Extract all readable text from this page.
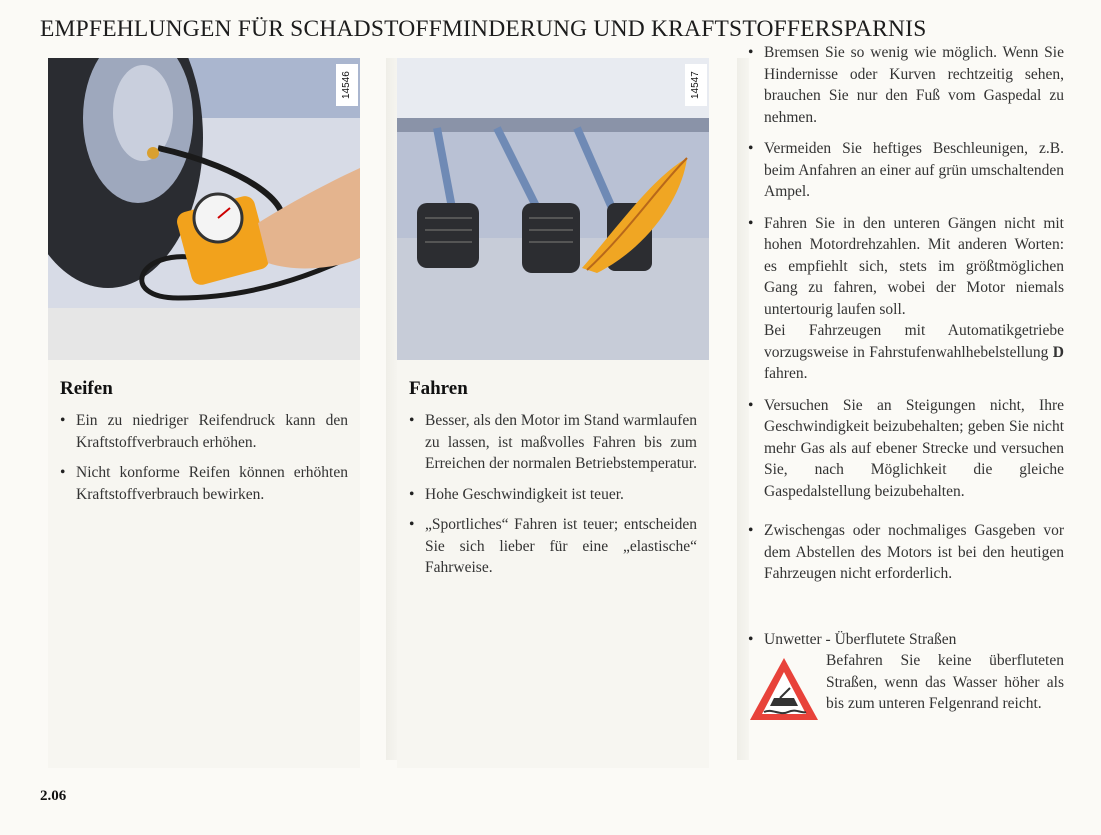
EMPFEHLUNGEN FÜR SCHADSTOFFMINDERUNG UND KRAFTSTOFFERSPARNIS
14546
Reifen
• Ein zu niedriger Reifendruck kann den Kraftstoffverbrauch erhöhen.
• Nicht konforme Reifen können erhöhten Kraftstoffverbrauch bewirken.
14547
Fahren
• Besser, als den Motor im Stand warmlaufen zu lassen, ist maßvolles Fahren bis zum Erreichen der normalen Betriebstemperatur.
• Hohe Geschwindigkeit ist teuer.
• „Sportliches“ Fahren ist teuer; entscheiden Sie sich lieber für eine „elastische“ Fahrweise.
• Bremsen Sie so wenig wie möglich. Wenn Sie Hindernisse oder Kurven rechtzeitig sehen, brauchen Sie nur den Fuß vom Gaspedal zu nehmen.
• Vermeiden Sie heftiges Beschleunigen, z.B. beim Anfahren an einer auf grün umschaltenden Ampel.
• Fahren Sie in den unteren Gängen nicht mit hohen Motordrehzahlen. Mit anderen Worten: es empfiehlt sich, stets im größtmöglichen Gang zu fahren, wobei der Motor niemals untertourig laufen soll.
Bei Fahrzeugen mit Automatikgetriebe vorzugsweise in Fahrstufenwahlhebelstellung D fahren.
• Versuchen Sie an Steigungen nicht, Ihre Geschwindigkeit beizubehalten; geben Sie nicht mehr Gas als auf ebener Strecke und versuchen Sie, nach Möglichkeit die gleiche Gaspedalstellung beizubehalten.
• Zwischengas oder nochmaliges Gasgeben vor dem Abstellen des Motors ist bei den heutigen Fahrzeugen nicht erforderlich.
• Unwetter - Überflutete Straßen
Befahren Sie keine überfluteten Straßen, wenn das Wasser höher als bis zum unteren Felgenrand reicht.
2.06
